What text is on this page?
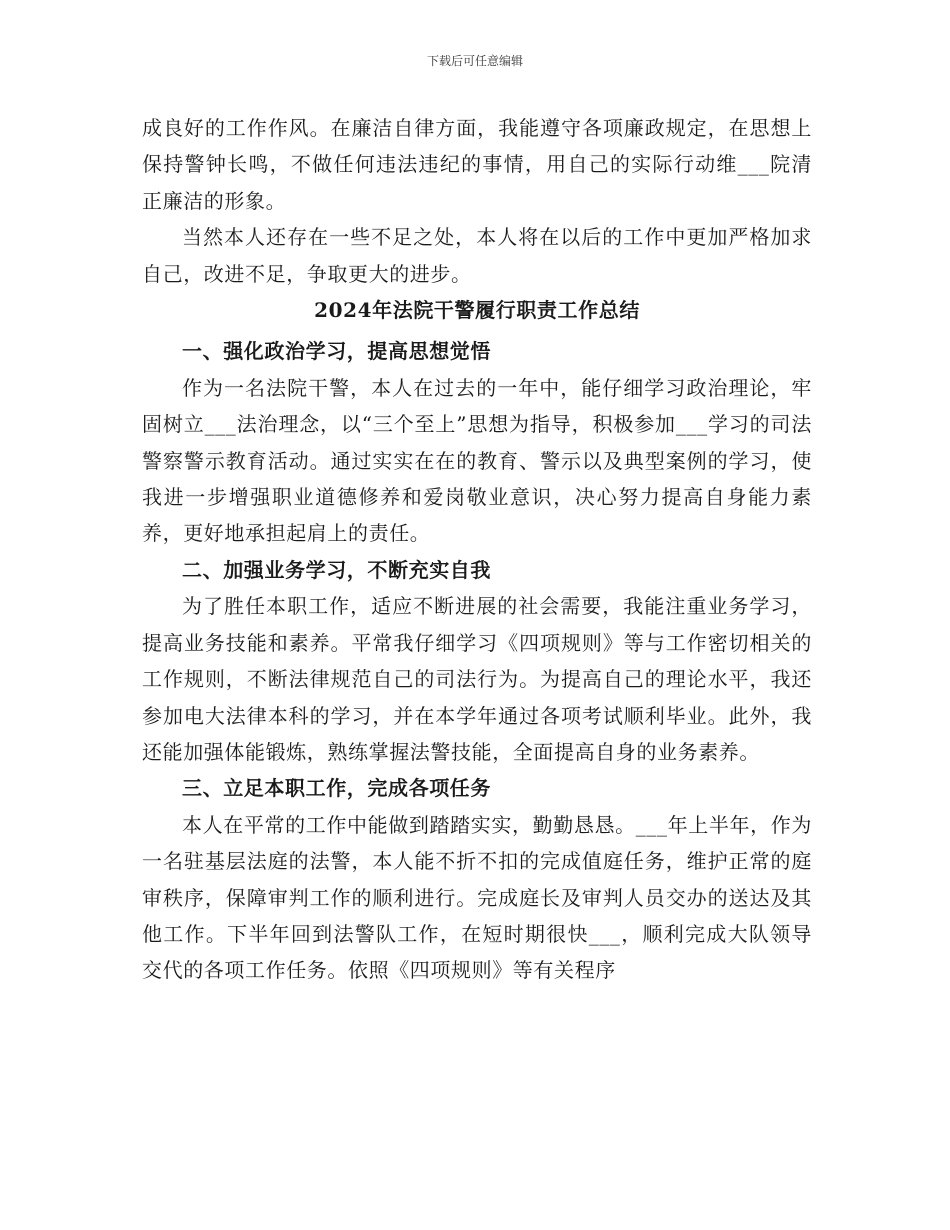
下载后可任意编辑

成良好的工作作风。在廉洁自律方面，我能遵守各项廉政规定，在思想上保持警钟长鸣，不做任何违法违纪的事情，用自己的实际行动维___院清正廉洁的形象。

当然本人还存在一些不足之处，本人将在以后的工作中更加严格加求自己，改进不足，争取更大的进步。

2024年法院干警履行职责工作总结
一、强化政治学习，提高思想觉悟

作为一名法院干警，本人在过去的一年中，能仔细学习政治理论，牢固树立___法治理念，以“三个至上”思想为指导，积极参加___学习的司法警察警示教育活动。通过实实在在的教育、警示以及典型案例的学习，使我进一步增强职业道德修养和爱岗敬业意识，决心努力提高自身能力素养，更好地承担起肩上的责任。

二、加强业务学习，不断充实自我

为了胜任本职工作，适应不断进展的社会需要，我能注重业务学习，提高业务技能和素养。平常我仔细学习《四项规则》等与工作密切相关的工作规则，不断法律规范自己的司法行为。为提高自己的理论水平，我还参加电大法律本科的学习，并在本学年通过各项考试顺利毕业。此外，我还能加强体能锻炼，熟练掌握法警技能，全面提高自身的业务素养。

三、立足本职工作，完成各项任务

本人在平常的工作中能做到踏踏实实，勤勤恳恳。___年上半年，作为一名驻基层法庭的法警，本人能不折不扣的完成值庭任务，维护正常的庭审秩序，保障审判工作的顺利进行。完成庭长及审判人员交办的送达及其他工作。下半年回到法警队工作，在短时期很快___，顺利完成大队领导交代的各项工作任务。依照《四项规则》等有关程序
